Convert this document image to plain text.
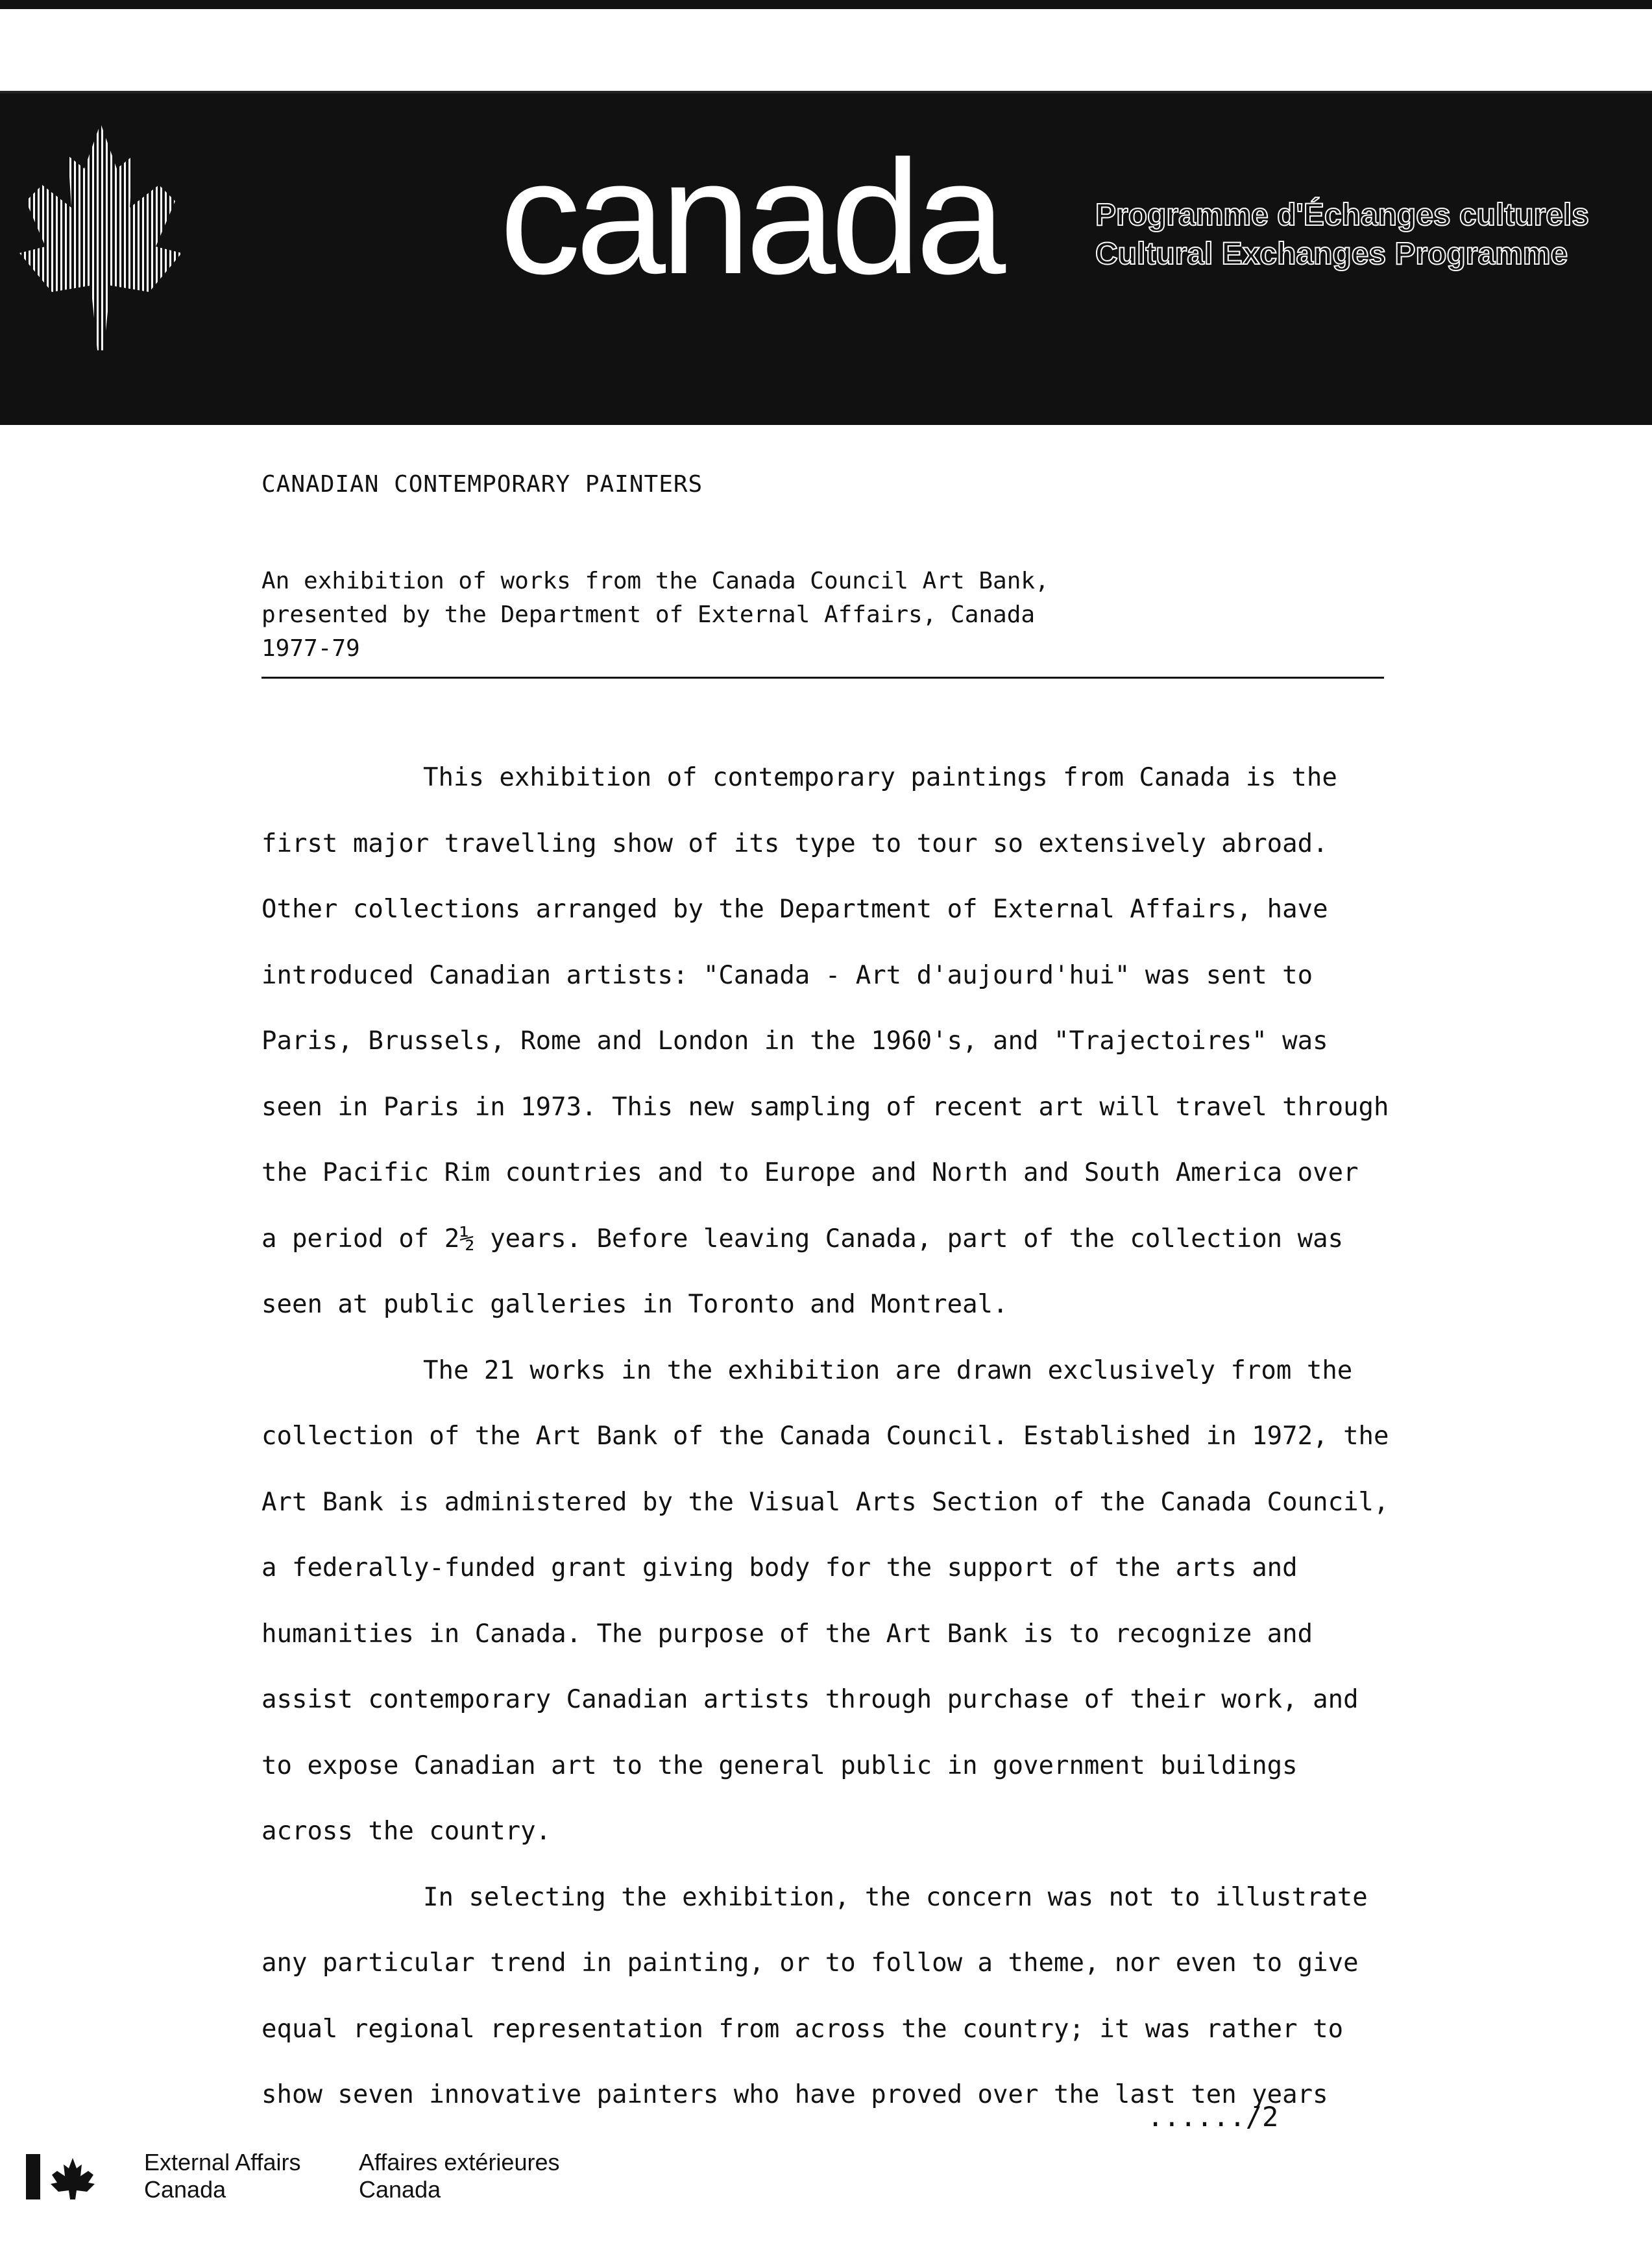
canada	Programme d'Échanges culturels
Cultural Exchanges Programme
CANADIAN CONTEMPORARY PAINTERS
An exhibition of works from the Canada Council Art Bank,
presented by the Department of External Affairs, Canada
1977-79
This exhibition of contemporary paintings from Canada is the
first major travelling show of its type to tour so extensively abroad.
Other collections arranged by the Department of External Affairs, have
introduced Canadian artists: "Canada - Art d'aujourd'hui" was sent to
Paris, Brussels, Rome and London in the 1960's, and "Trajectoires" was
seen in Paris in 1973. This new sampling of recent art will travel through
the Pacific Rim countries and to Europe and North and South America over
a period of 2½ years. Before leaving Canada, part of the collection was
seen at public galleries in Toronto and Montreal.
The 21 works in the exhibition are drawn exclusively from the
collection of the Art Bank of the Canada Council. Established in 1972, the
Art Bank is administered by the Visual Arts Section of the Canada Council,
a federally-funded grant giving body for the support of the arts and
humanities in Canada. The purpose of the Art Bank is to recognize and
assist contemporary Canadian artists through purchase of their work, and
to expose Canadian art to the general public in government buildings
across the country.
In selecting the exhibition, the concern was not to illustrate
any particular trend in painting, or to follow a theme, nor even to give
equal regional representation from across the country; it was rather to
show seven innovative painters who have proved over the last ten years
....../2
External Affairs
Canada
Affaires extérieures
Canada
